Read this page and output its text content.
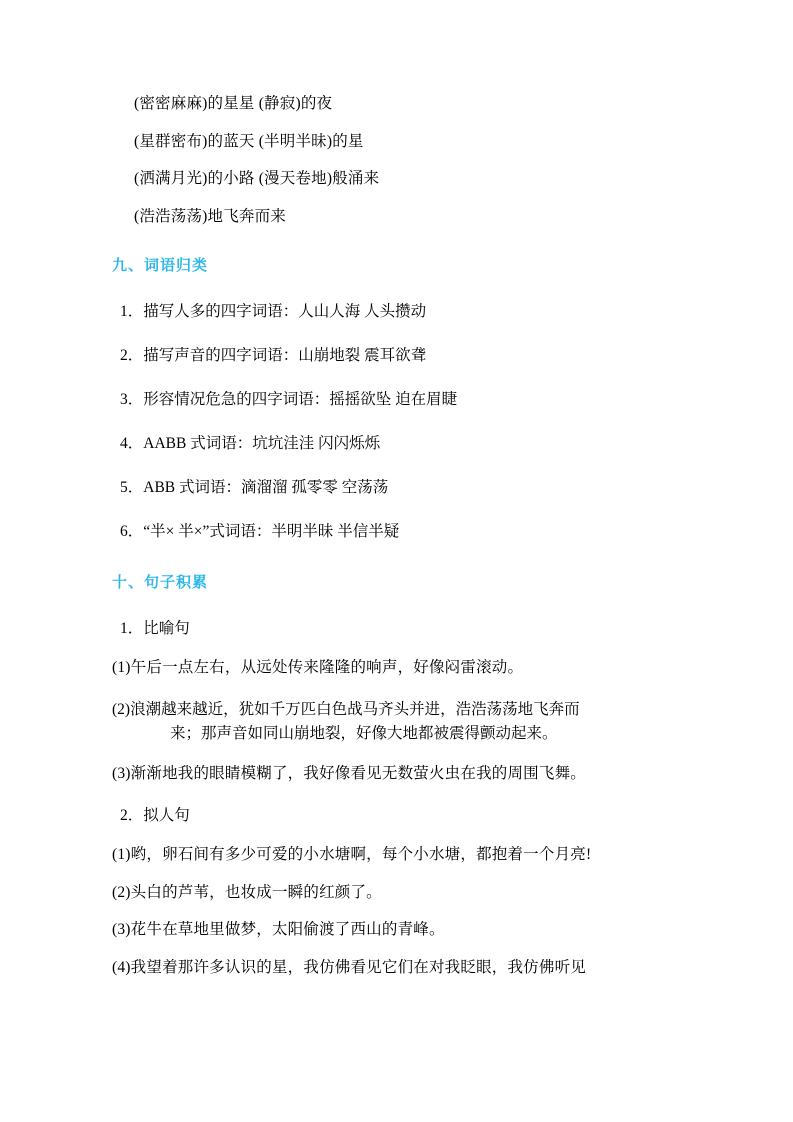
(密密麻麻)的星星 (静寂)的夜
(星群密布)的蓝天 (半明半昧)的星
(洒满月光)的小路 (漫天卷地)般涌来
(浩浩荡荡)地飞奔而来
九、词语归类
1．描写人多的四字词语：人山人海 人头攒动
2．描写声音的四字词语：山崩地裂 震耳欲聋
3．形容情况危急的四字词语：摇摇欲坠 迫在眉睫
4．AABB 式词语：坑坑洼洼 闪闪烁烁
5．ABB 式词语：滴溜溜 孤零零 空荡荡
6．“半× 半×”式词语：半明半昧 半信半疑
十、句子积累
1．比喻句
(1)午后一点左右，从远处传来隆隆的响声，好像闷雷滚动。
(2)浪潮越来越近，犹如千万匹白色战马齐头并进，浩浩荡荡地飞奔而
来；那声音如同山崩地裂，好像大地都被震得颤动起来。
(3)渐渐地我的眼睛模糊了，我好像看见无数萤火虫在我的周围飞舞。
2．拟人句
(1)哟，卵石间有多少可爱的小水塘啊，每个小水塘，都抱着一个月亮!
(2)头白的芦苇，也妆成一瞬的红颜了。
(3)花牛在草地里做梦，太阳偷渡了西山的青峰。
(4)我望着那许多认识的星，我仿佛看见它们在对我眨眼，我仿佛听见
